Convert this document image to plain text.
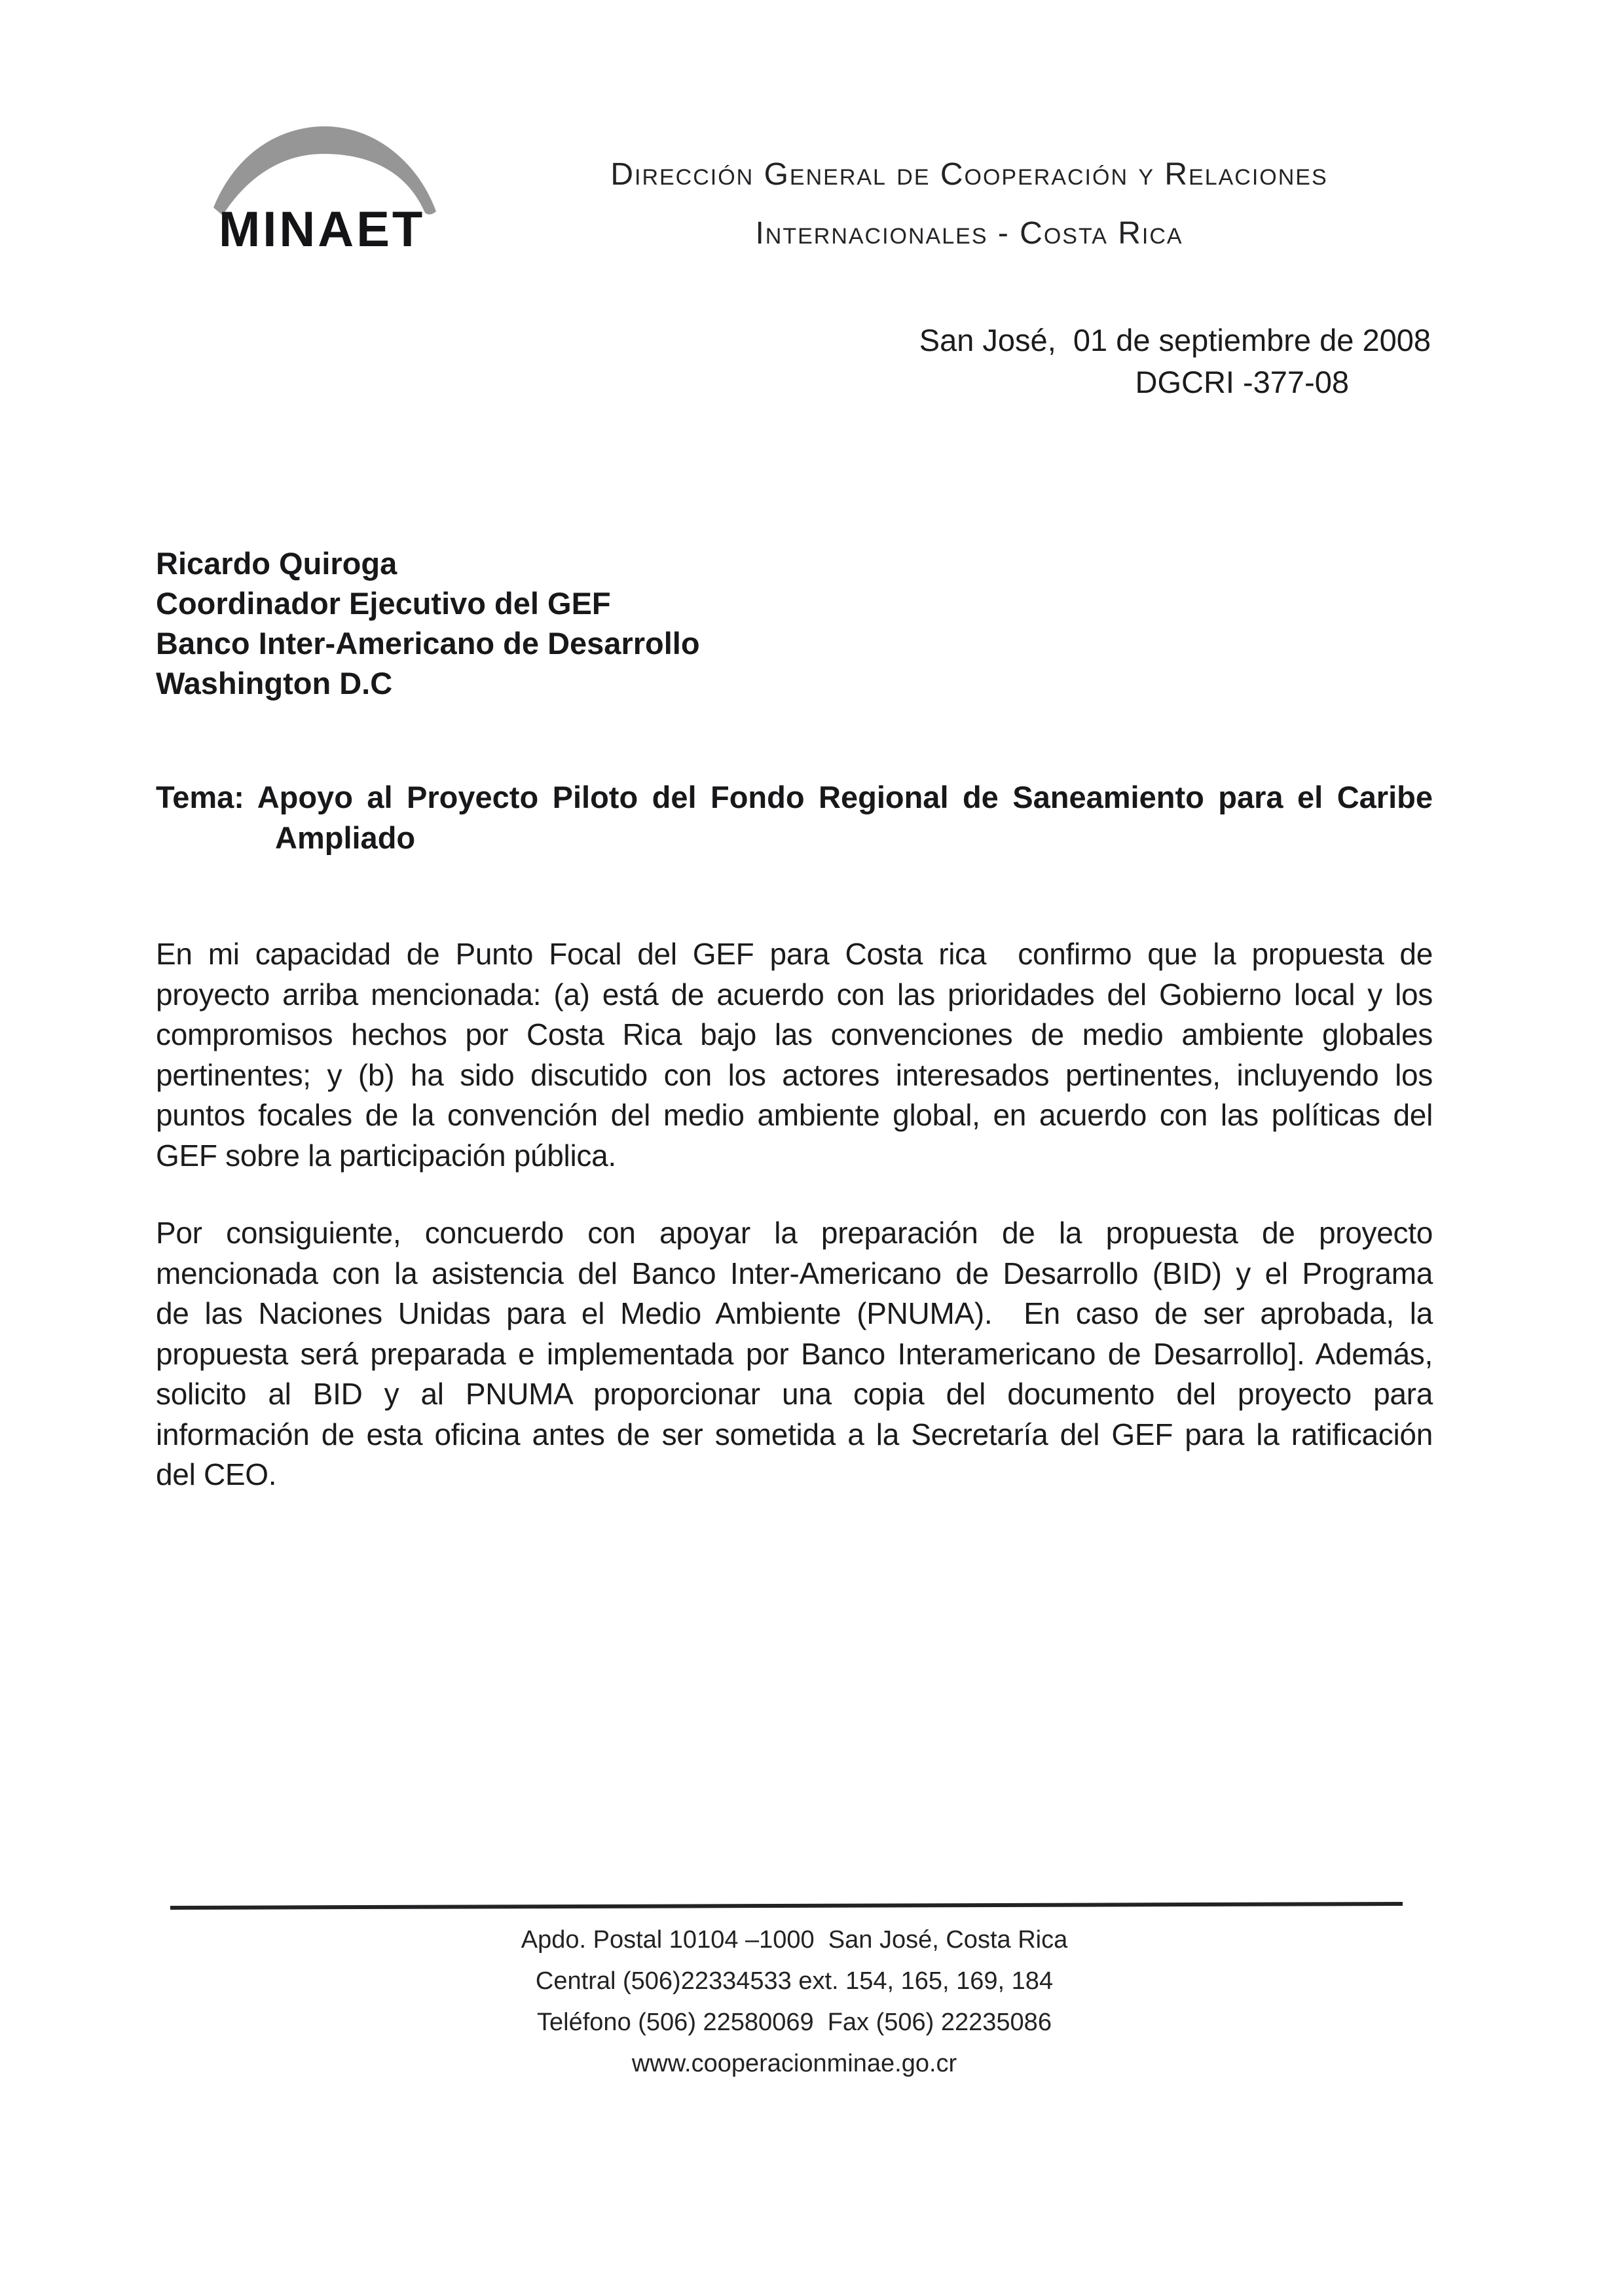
MINAET
Dirección General de Cooperación y Relaciones
Internacionales - Costa Rica
San José,  01 de septiembre de 2008
DGCRI -377-08
Ricardo Quiroga
Coordinador Ejecutivo del GEF
Banco Inter-Americano de Desarrollo
Washington D.C
Tema: Apoyo al Proyecto Piloto del Fondo Regional de Saneamiento para el Caribe
Ampliado
En mi capacidad de Punto Focal del GEF para Costa rica  confirmo que la propuesta de
proyecto arriba mencionada: (a) está de acuerdo con las prioridades del Gobierno local y los
compromisos hechos por Costa Rica bajo las convenciones de medio ambiente globales
pertinentes; y (b) ha sido discutido con los actores interesados pertinentes, incluyendo los
puntos focales de la convención del medio ambiente global, en acuerdo con las políticas del
GEF sobre la participación pública.
Por consiguiente, concuerdo con apoyar la preparación de la propuesta de proyecto
mencionada con la asistencia del Banco Inter-Americano de Desarrollo (BID) y el Programa
de las Naciones Unidas para el Medio Ambiente (PNUMA).  En caso de ser aprobada, la
propuesta será preparada e implementada por Banco Interamericano de Desarrollo]. Además,
solicito al BID y al PNUMA proporcionar una copia del documento del proyecto para
información de esta oficina antes de ser sometida a la Secretaría del GEF para la ratificación
del CEO.
Apdo. Postal 10104 –1000  San José, Costa Rica
Central (506)22334533 ext. 154, 165, 169, 184
Teléfono (506) 22580069  Fax (506) 22235086
www.cooperacionminae.go.cr
